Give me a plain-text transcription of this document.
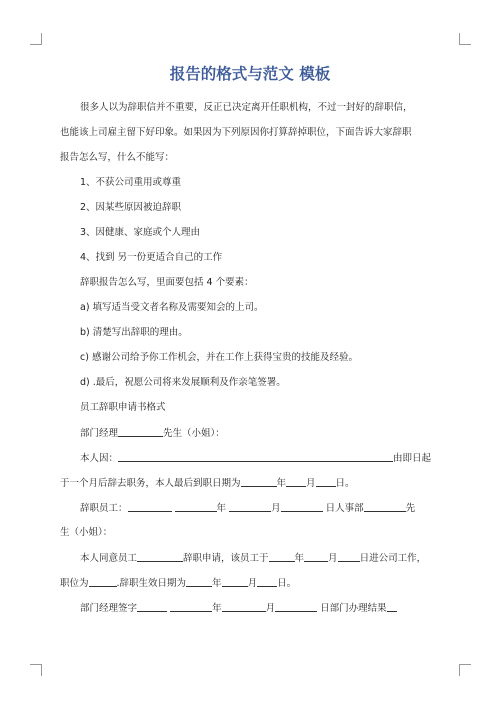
报告的格式与范文 模板
很多人以为辞职信并不重要，反正已决定离开任职机构，不过一封好的辞职信，
也能该上司雇主留下好印象。如果因为下列原因你打算辞掉职位，下面告诉大家辞职
报告怎么写，什么不能写：
1、不获公司重用或尊重
2、因某些原因被迫辞职
3、因健康、家庭或个人理由
4、找到 另一份更适合自己的工作
辞职报告怎么写，里面要包括 4 个要素：
a) 填写适当受文者名称及需要知会的上司。
b) 清楚写出辞职的理由。
c) 感谢公司给予你工作机会，并在工作上获得宝贵的技能及经验。
d) .最后，祝愿公司将来发展顺利及作亲笔签署。
员工辞职申请书格式
部门经理	先生（小姐）：
本人因：	由即日起
于一个月后辞去职务，本人最后到职日期为	年 月 日。
辞职员工：	年	月	日人事部	先
生（小姐）：
本人同意员工	辞职申请，该员工于	年	月 日进公司工作，
职位为	.辞职生效日期为	年	月 日。
部门经理签字	年	月	日部门办理结果
